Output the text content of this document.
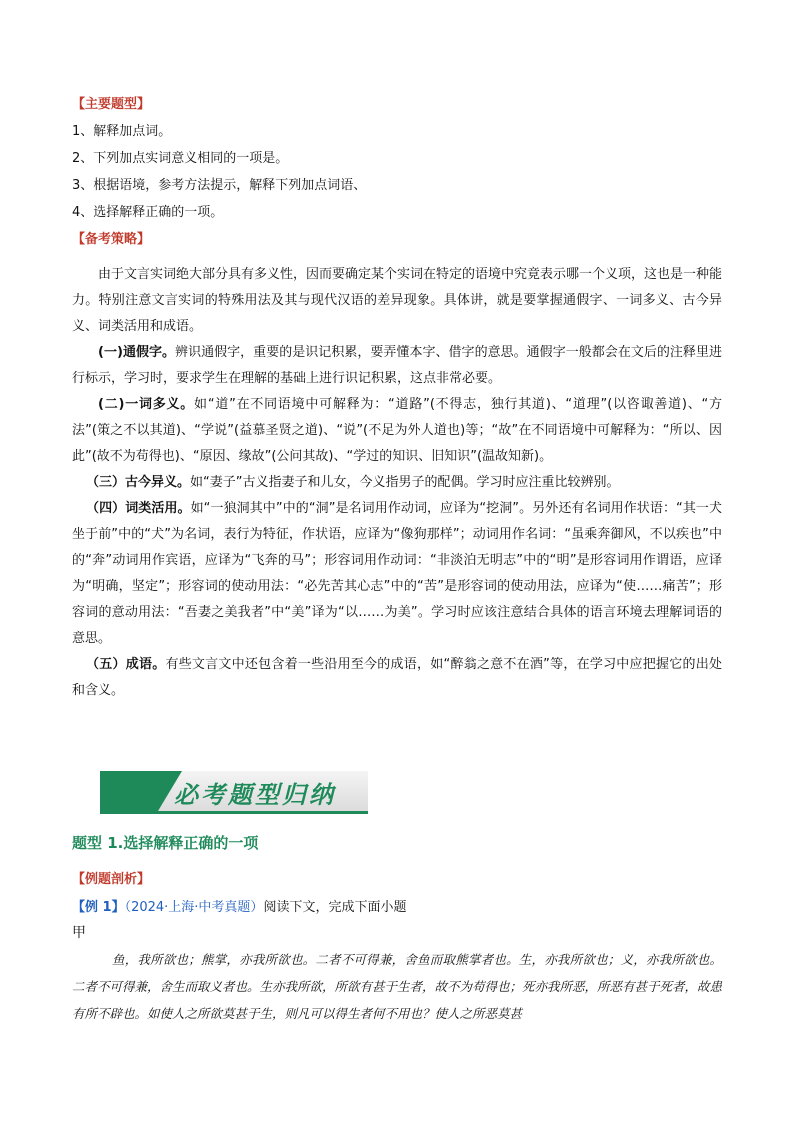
【主要题型】
1、解释加点词。
2、下列加点实词意义相同的一项是。
3、根据语境，参考方法提示，解释下列加点词语、
4、选择解释正确的一项。
【备考策略】

由于文言实词绝大部分具有多义性，因而要确定某个实词在特定的语境中究竟表示哪一个义项，这也是一种能力。特别注意文言实词的特殊用法及其与现代汉语的差异现象。具体讲，就是要掌握通假字、一词多义、古今异义、词类活用和成语。

(一)通假字。辨识通假字，重要的是识记积累，要弄懂本字、借字的意思。通假字一般都会在文后的注释里进行标示，学习时，要求学生在理解的基础上进行识记积累，这点非常必要。

(二)一词多义。如“道”在不同语境中可解释为：“道路”(不得志，独行其道)、“道理”(以咨诹善道)、“方法”(策之不以其道)、“学说”(益慕圣贤之道)、“说”(不足为外人道也)等；“故”在不同语境中可解释为：“所以、因此”(故不为苟得也)、“原因、缘故”(公问其故)、“学过的知识、旧知识”(温故知新)。

（三）古今异义。如“妻子”古义指妻子和儿女，今义指男子的配偶。学习时应注重比较辨别。

（四）词类活用。如“一狼洞其中”中的“洞”是名词用作动词，应译为“挖洞”。另外还有名词用作状语：“其一犬坐于前”中的“犬”为名词，表行为特征，作状语，应译为“像狗那样”；动词用作名词：“虽乘奔御风，不以疾也”中的“奔”动词用作宾语，应译为“飞奔的马”；形容词用作动词：“非淡泊无明志”中的“明”是形容词用作谓语，应译为“明确，坚定”；形容词的使动用法：“必先苦其心志”中的“苦”是形容词的使动用法，应译为“使……痛苦”；形容词的意动用法：“吾妻之美我者”中“美”译为“以……为美”。学习时应该注意结合具体的语言环境去理解词语的意思。

（五）成语。有些文言文中还包含着一些沿用至今的成语，如“醉翁之意不在酒”等，在学习中应把握它的出处和含义。

必考题型归纳
题型 1.选择解释正确的一项
【例题剖析】
【例 1】（2024·上海·中考真题）阅读下文，完成下面小题
甲

鱼，我所欲也；熊掌，亦我所欲也。二者不可得兼，舍鱼而取熊掌者也。生，亦我所欲也；义，亦我所欲也。二者不可得兼，舍生而取义者也。生亦我所欲，所欲有甚于生者，故不为苟得也；死亦我所恶，所恶有甚于死者，故患有所不辟也。如使人之所欲莫甚于生，则凡可以得生者何不用也？使人之所恶莫甚
